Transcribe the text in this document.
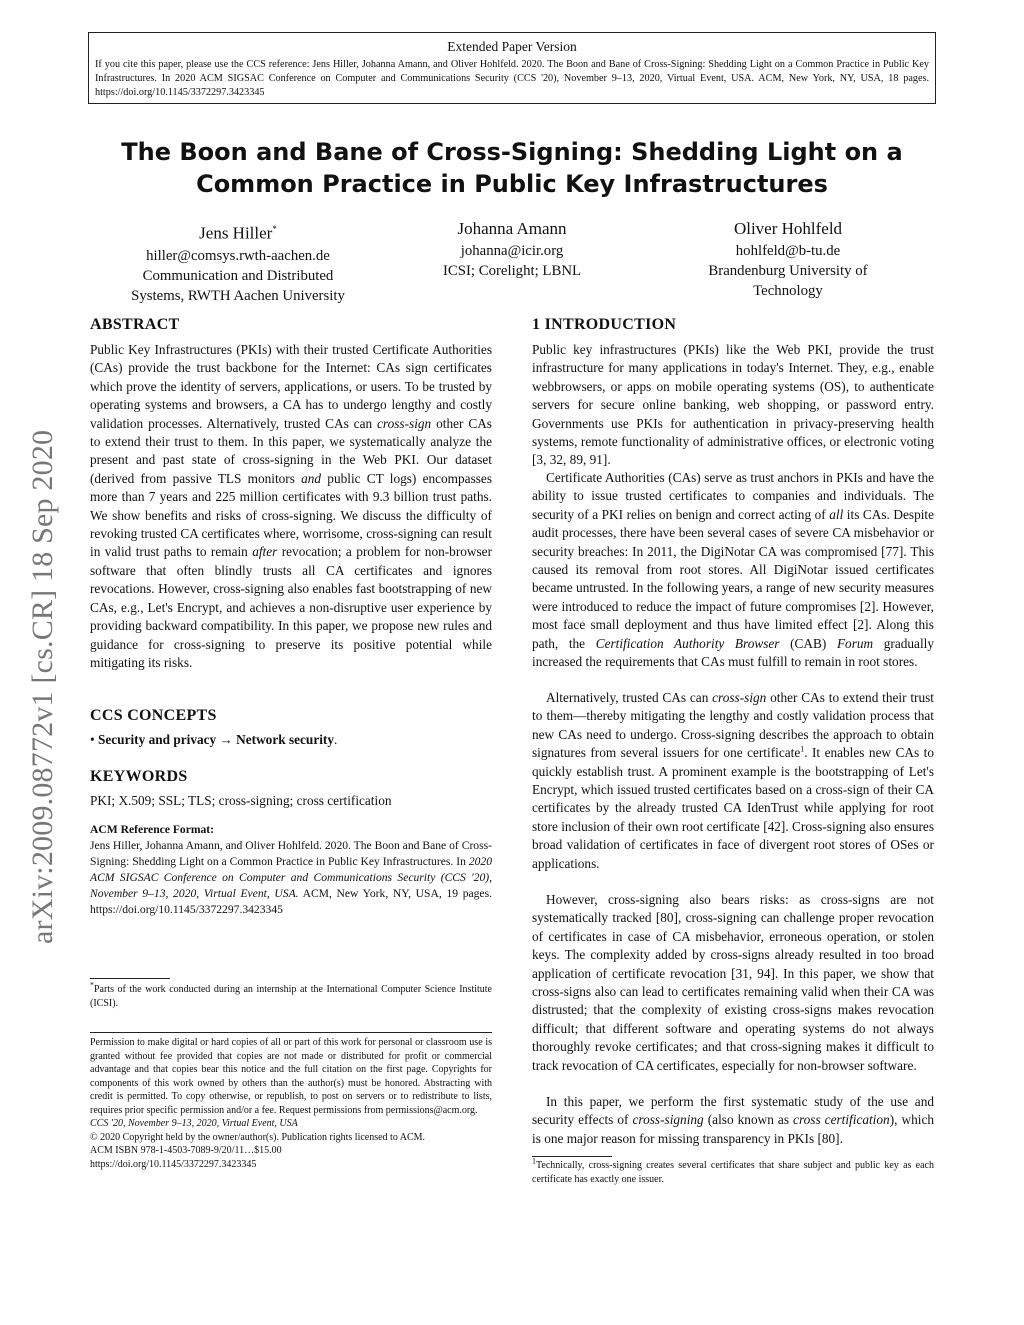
Extended Paper Version
If you cite this paper, please use the CCS reference: Jens Hiller, Johanna Amann, and Oliver Hohlfeld. 2020. The Boon and Bane of Cross-Signing: Shedding Light on a Common Practice in Public Key Infrastructures. In 2020 ACM SIGSAC Conference on Computer and Communications Security (CCS '20), November 9–13, 2020, Virtual Event, USA. ACM, New York, NY, USA, 18 pages. https://doi.org/10.1145/3372297.3423345
The Boon and Bane of Cross-Signing: Shedding Light on a
Common Practice in Public Key Infrastructures
Jens Hiller*
hiller@comsys.rwth-aachen.de
Communication and Distributed
Systems, RWTH Aachen University
Johanna Amann
johanna@icir.org
ICSI; Corelight; LBNL
Oliver Hohlfeld
hohlfeld@b-tu.de
Brandenburg University of
Technology
arXiv:2009.08772v1 [cs.CR] 18 Sep 2020
ABSTRACT
Public Key Infrastructures (PKIs) with their trusted Certificate Authorities (CAs) provide the trust backbone for the Internet: CAs sign certificates which prove the identity of servers, applications, or users. To be trusted by operating systems and browsers, a CA has to undergo lengthy and costly validation processes. Alternatively, trusted CAs can cross-sign other CAs to extend their trust to them. In this paper, we systematically analyze the present and past state of cross-signing in the Web PKI. Our dataset (derived from passive TLS monitors and public CT logs) encompasses more than 7 years and 225 million certificates with 9.3 billion trust paths. We show benefits and risks of cross-signing. We discuss the difficulty of revoking trusted CA certificates where, worrisome, cross-signing can result in valid trust paths to remain after revocation; a problem for non-browser software that often blindly trusts all CA certificates and ignores revocations. However, cross-signing also enables fast bootstrapping of new CAs, e.g., Let's Encrypt, and achieves a non-disruptive user experience by providing backward compatibility. In this paper, we propose new rules and guidance for cross-signing to preserve its positive potential while mitigating its risks.
CCS CONCEPTS
• Security and privacy → Network security.
KEYWORDS
PKI; X.509; SSL; TLS; cross-signing; cross certification
ACM Reference Format:
Jens Hiller, Johanna Amann, and Oliver Hohlfeld. 2020. The Boon and Bane of Cross-Signing: Shedding Light on a Common Practice in Public Key Infrastructures. In 2020 ACM SIGSAC Conference on Computer and Communications Security (CCS '20), November 9–13, 2020, Virtual Event, USA. ACM, New York, NY, USA, 19 pages. https://doi.org/10.1145/3372297.3423345
*Parts of the work conducted during an internship at the International Computer Science Institute (ICSI).
Permission to make digital or hard copies of all or part of this work for personal or classroom use is granted without fee provided that copies are not made or distributed for profit or commercial advantage and that copies bear this notice and the full citation on the first page. Copyrights for components of this work owned by others than the author(s) must be honored. Abstracting with credit is permitted. To copy otherwise, or republish, to post on servers or to redistribute to lists, requires prior specific permission and/or a fee. Request permissions from permissions@acm.org.
CCS '20, November 9–13, 2020, Virtual Event, USA
© 2020 Copyright held by the owner/author(s). Publication rights licensed to ACM.
ACM ISBN 978-1-4503-7089-9/20/11…$15.00
https://doi.org/10.1145/3372297.3423345
1 INTRODUCTION
Public key infrastructures (PKIs) like the Web PKI, provide the trust infrastructure for many applications in today's Internet. They, e.g., enable webbrowsers, or apps on mobile operating systems (OS), to authenticate servers for secure online banking, web shopping, or password entry. Governments use PKIs for authentication in privacy-preserving health systems, remote functionality of administrative offices, or electronic voting [3, 32, 89, 91].
Certificate Authorities (CAs) serve as trust anchors in PKIs and have the ability to issue trusted certificates to companies and individuals. The security of a PKI relies on benign and correct acting of all its CAs. Despite audit processes, there have been several cases of severe CA misbehavior or security breaches: In 2011, the DigiNotar CA was compromised [77]. This caused its removal from root stores. All DigiNotar issued certificates became untrusted. In the following years, a range of new security measures were introduced to reduce the impact of future compromises [2]. However, most face small deployment and thus have limited effect [2]. Along this path, the Certification Authority Browser (CAB) Forum gradually increased the requirements that CAs must fulfill to remain in root stores.
Alternatively, trusted CAs can cross-sign other CAs to extend their trust to them—thereby mitigating the lengthy and costly validation process that new CAs need to undergo. Cross-signing describes the approach to obtain signatures from several issuers for one certificate$^1$. It enables new CAs to quickly establish trust. A prominent example is the bootstrapping of Let's Encrypt, which issued trusted certificates based on a cross-sign of their CA certificates by the already trusted CA IdenTrust while applying for root store inclusion of their own root certificate [42]. Cross-signing also ensures broad validation of certificates in face of divergent root stores of OSes or applications.
However, cross-signing also bears risks: as cross-signs are not systematically tracked [80], cross-signing can challenge proper revocation of certificates in case of CA misbehavior, erroneous operation, or stolen keys. The complexity added by cross-signs already resulted in too broad application of certificate revocation [31, 94]. In this paper, we show that cross-signs also can lead to certificates remaining valid when their CA was distrusted; that the complexity of existing cross-signs makes revocation difficult; that different software and operating systems do not always thoroughly revoke certificates; and that cross-signing makes it difficult to track revocation of CA certificates, especially for non-browser software.
In this paper, we perform the first systematic study of the use and security effects of cross-signing (also known as cross certification), which is one major reason for missing transparency in PKIs [80].
$^1$Technically, cross-signing creates several certificates that share subject and public key as each certificate has exactly one issuer.
